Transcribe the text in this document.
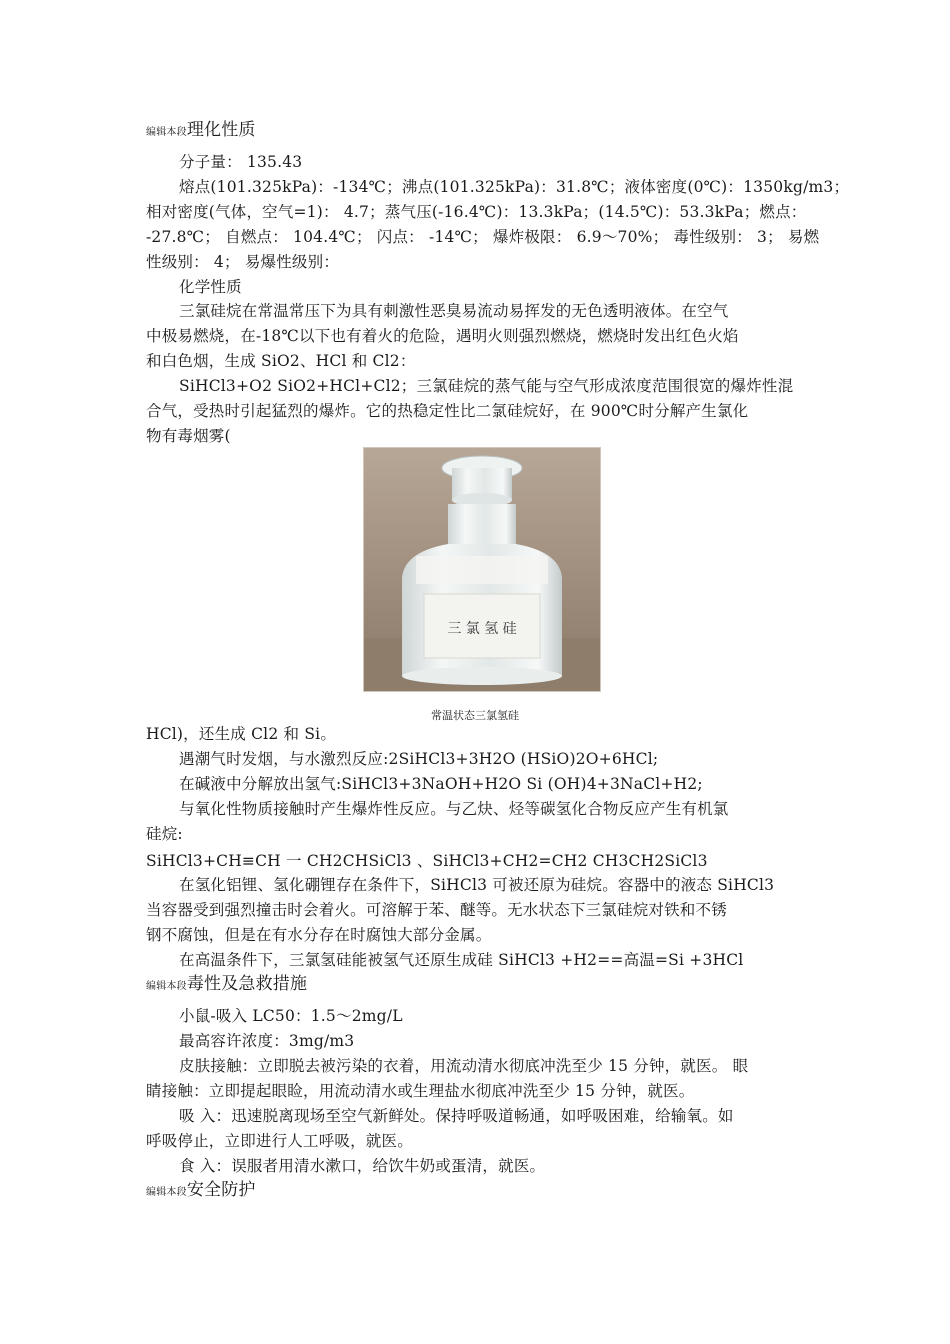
编辑本段理化性质
分子量： 135.43
熔点(101.325kPa)：-134℃；沸点(101.325kPa)：31.8℃；液体密度(0℃)：1350kg/m3；
相对密度(气体，空气=1)： 4.7；蒸气压(-16.4℃)：13.3kPa；(14.5℃)：53.3kPa；燃点：
-27.8℃； 自燃点： 104.4℃； 闪点： -14℃； 爆炸极限： 6.9～70%； 毒性级别： 3； 易燃
性级别： 4； 易爆性级别：
化学性质
三氯硅烷在常温常压下为具有刺激性恶臭易流动易挥发的无色透明液体。在空气
中极易燃烧，在-18℃以下也有着火的危险，遇明火则强烈燃烧，燃烧时发出红色火焰
和白色烟，生成 SiO2、HCl 和 Cl2：
SiHCl3+O2 SiO2+HCl+Cl2；三氯硅烷的蒸气能与空气形成浓度范围很宽的爆炸性混
合气，受热时引起猛烈的爆炸。它的热稳定性比二氯硅烷好，在 900℃时分解产生氯化
物有毒烟雾(
三 氯 氢 硅
常温状态三氯氢硅
HCl)，还生成 Cl2 和 Si。
遇潮气时发烟，与水激烈反应:2SiHCl3+3H2O (HSiO)2O+6HCl;
在碱液中分解放出氢气:SiHCl3+3NaOH+H2O Si (OH)4+3NaCl+H2;
与氧化性物质接触时产生爆炸性反应。与乙炔、烃等碳氢化合物反应产生有机氯
硅烷:
SiHCl3+CH≡CH 一 CH2CHSiCl3 、SiHCl3+CH2=CH2 CH3CH2SiCl3
在氢化铝锂、氢化硼锂存在条件下，SiHCl3 可被还原为硅烷。容器中的液态 SiHCl3
当容器受到强烈撞击时会着火。可溶解于苯、醚等。无水状态下三氯硅烷对铁和不锈
钢不腐蚀，但是在有水分存在时腐蚀大部分金属。
在高温条件下，三氯氢硅能被氢气还原生成硅 SiHCl3 +H2==高温=Si +3HCl
编辑本段毒性及急救措施
小鼠-吸入 LC50：1.5～2mg/L
最高容许浓度：3mg/m3
皮肤接触：立即脱去被污染的衣着，用流动清水彻底冲洗至少 15 分钟，就医。 眼
睛接触：立即提起眼睑，用流动清水或生理盐水彻底冲洗至少 15 分钟，就医。
吸 入：迅速脱离现场至空气新鲜处。保持呼吸道畅通，如呼吸困难，给输氧。如
呼吸停止，立即进行人工呼吸，就医。
食 入：误服者用清水漱口，给饮牛奶或蛋清，就医。
编辑本段安全防护
